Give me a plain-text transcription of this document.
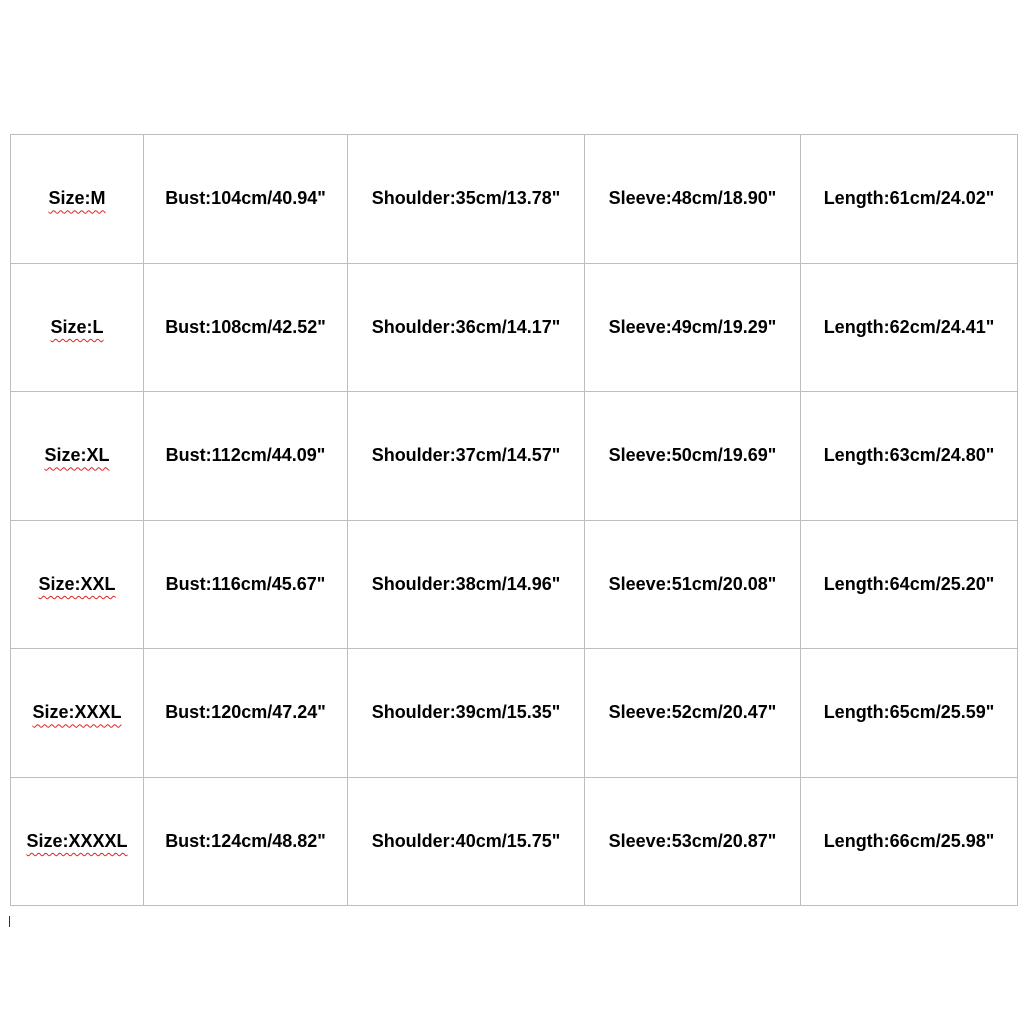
Size:M	Bust:104cm/40.94"	Shoulder:35cm/13.78"	Sleeve:48cm/18.90"	Length:61cm/24.02"
Size:L	Bust:108cm/42.52"	Shoulder:36cm/14.17"	Sleeve:49cm/19.29"	Length:62cm/24.41"
Size:XL	Bust:112cm/44.09"	Shoulder:37cm/14.57"	Sleeve:50cm/19.69"	Length:63cm/24.80"
Size:XXL	Bust:116cm/45.67"	Shoulder:38cm/14.96"	Sleeve:51cm/20.08"	Length:64cm/25.20"
Size:XXXL	Bust:120cm/47.24"	Shoulder:39cm/15.35"	Sleeve:52cm/20.47"	Length:65cm/25.59"
Size:XXXXL	Bust:124cm/48.82"	Shoulder:40cm/15.75"	Sleeve:53cm/20.87"	Length:66cm/25.98"
